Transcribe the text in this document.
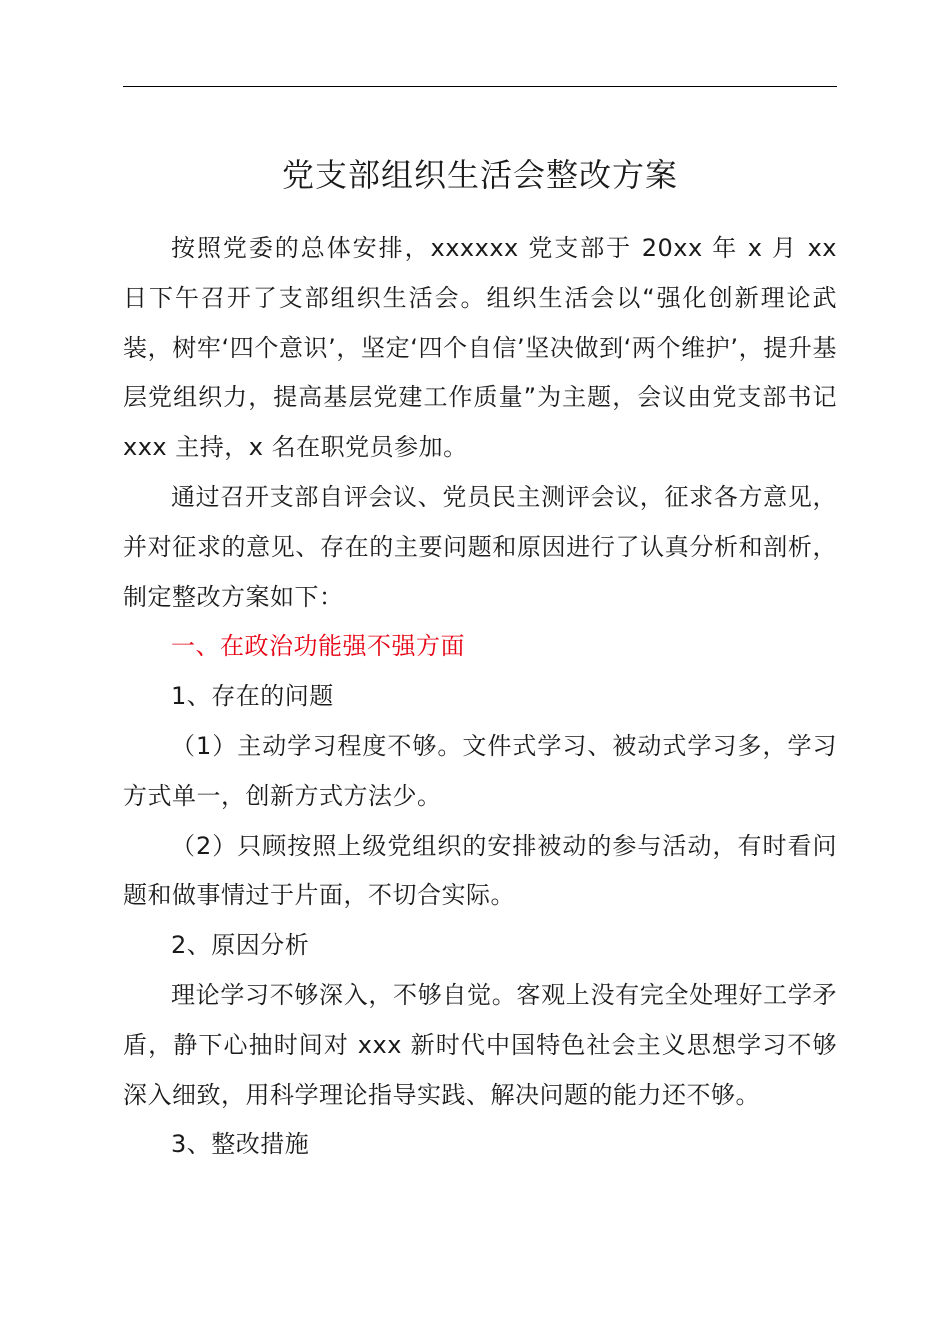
党支部组织生活会整改方案

按照党委的总体安排，xxxxxx 党支部于 20xx 年 x 月 xx 日下午召开了支部组织生活会。组织生活会以“强化创新理论武装，树牢‘四个意识’，坚定‘四个自信’坚决做到‘两个维护’，提升基层党组织力，提高基层党建工作质量”为主题，会议由党支部书记 xxx 主持，x 名在职党员参加。

通过召开支部自评会议、党员民主测评会议，征求各方意见，并对征求的意见、存在的主要问题和原因进行了认真分析和剖析，制定整改方案如下：

一、在政治功能强不强方面

1、存在的问题

（1）主动学习程度不够。文件式学习、被动式学习多，学习方式单一，创新方式方法少。

（2）只顾按照上级党组织的安排被动的参与活动，有时看问题和做事情过于片面，不切合实际。

2、原因分析

理论学习不够深入，不够自觉。客观上没有完全处理好工学矛盾，静下心抽时间对 xxx 新时代中国特色社会主义思想学习不够深入细致，用科学理论指导实践、解决问题的能力还不够。

3、整改措施
